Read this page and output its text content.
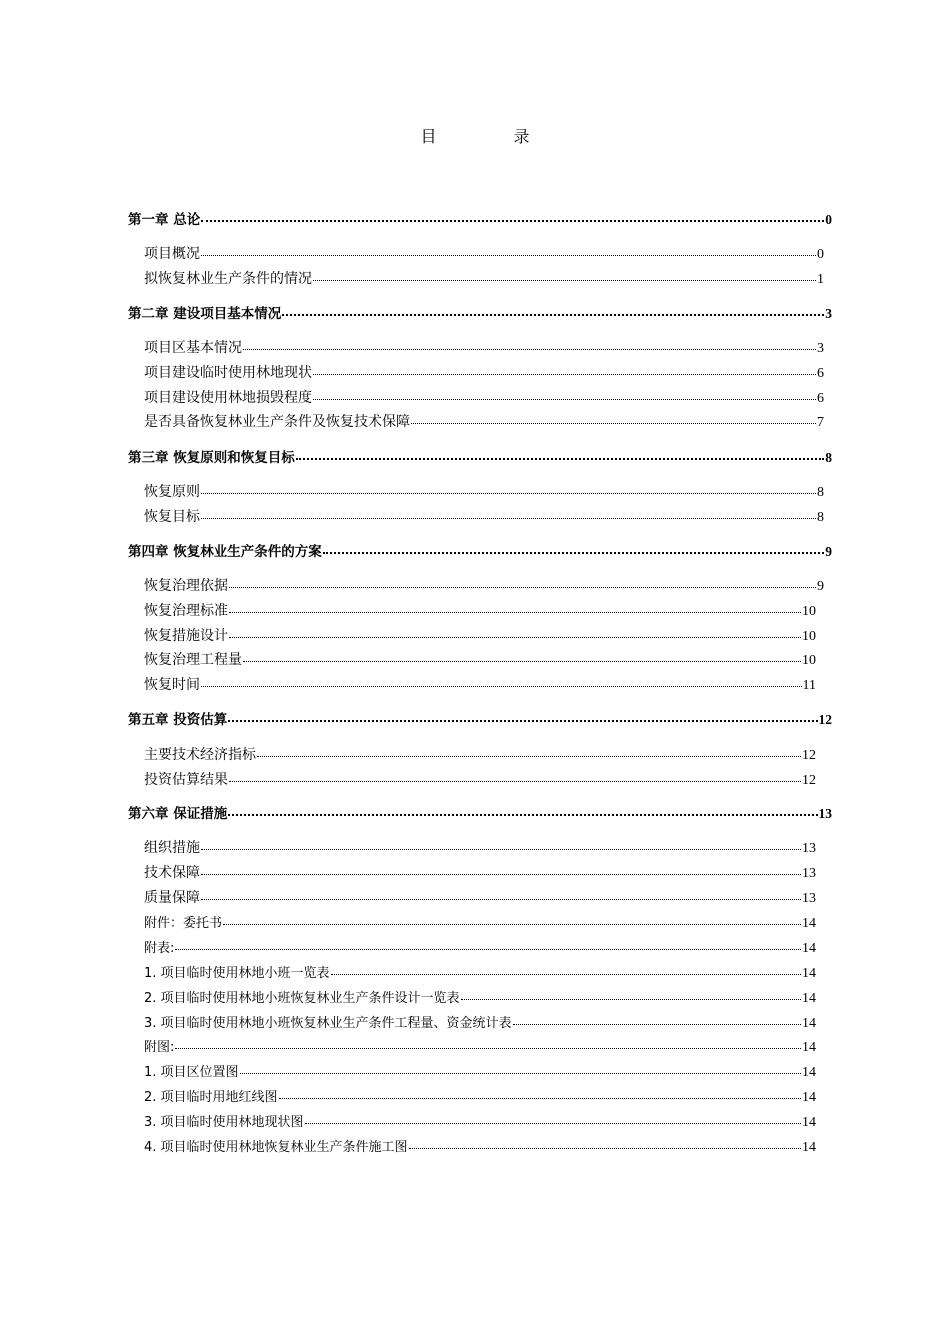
目 录
第一章 总论	0
项目概况	0
拟恢复林业生产条件的情况	1
第二章 建设项目基本情况	3
项目区基本情况	3
项目建设临时使用林地现状	6
项目建设使用林地损毁程度	6
是否具备恢复林业生产条件及恢复技术保障	7
第三章 恢复原则和恢复目标	8
恢复原则	8
恢复目标	8
第四章 恢复林业生产条件的方案	9
恢复治理依据	9
恢复治理标准	10
恢复措施设计	10
恢复治理工程量	10
恢复时间	11
第五章 投资估算	12
主要技术经济指标	12
投资估算结果	12
第六章 保证措施	13
组织措施	13
技术保障	13
质量保障	13
附件：委托书	14
附表:	14
1. 项目临时使用林地小班一览表	14
2. 项目临时使用林地小班恢复林业生产条件设计一览表	14
3. 项目临时使用林地小班恢复林业生产条件工程量、资金统计表	14
附图:	14
1. 项目区位置图	14
2. 项目临时用地红线图	14
3. 项目临时使用林地现状图	14
4. 项目临时使用林地恢复林业生产条件施工图	14
